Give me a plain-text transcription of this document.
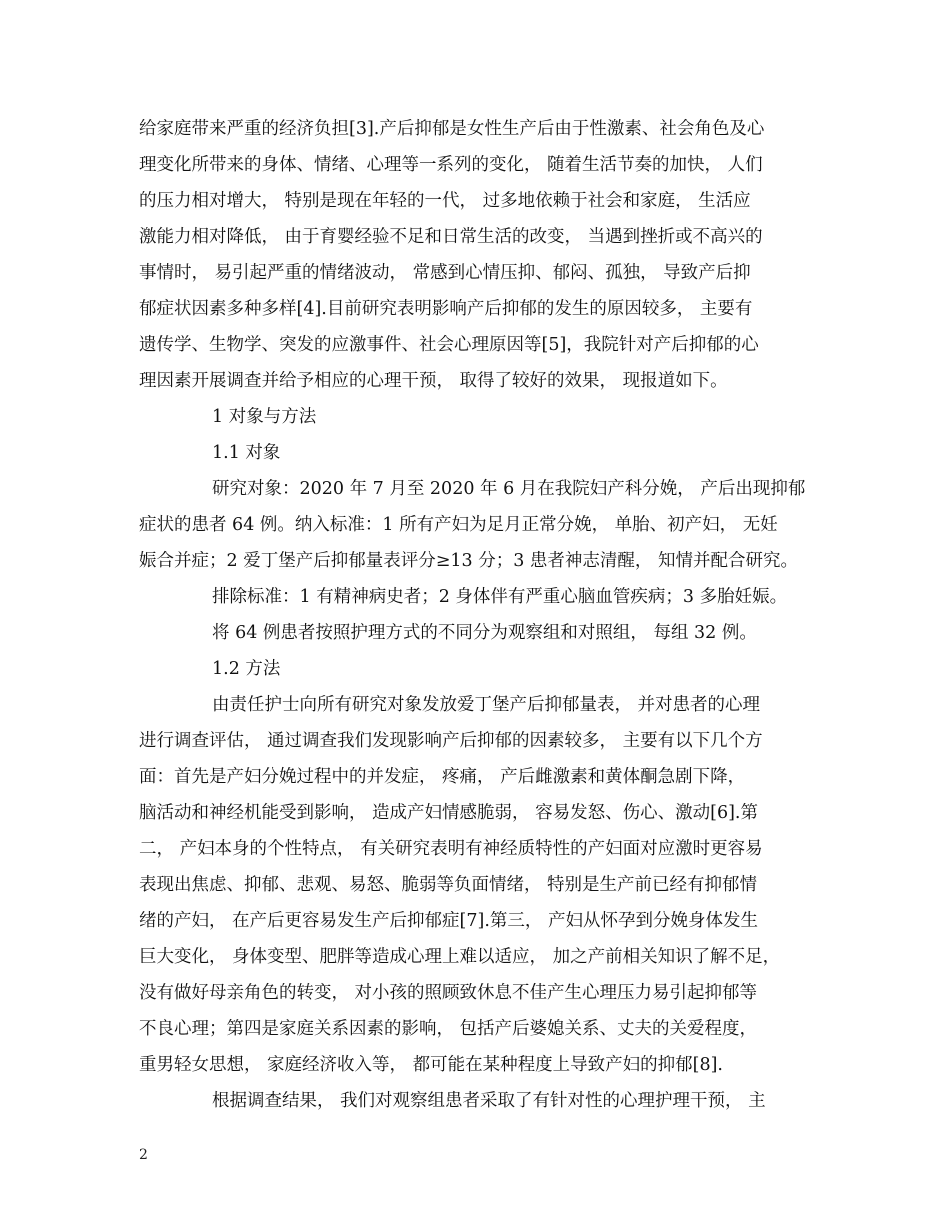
给家庭带来严重的经济负担[3].产后抑郁是女性生产后由于性激素、社会角色及心
理变化所带来的身体、情绪、心理等一系列的变化， 随着生活节奏的加快， 人们
的压力相对增大， 特别是现在年轻的一代， 过多地依赖于社会和家庭， 生活应
激能力相对降低， 由于育婴经验不足和日常生活的改变， 当遇到挫折或不高兴的
事情时， 易引起严重的情绪波动， 常感到心情压抑、郁闷、孤独， 导致产后抑
郁症状因素多种多样[4].目前研究表明影响产后抑郁的发生的原因较多， 主要有
遗传学、生物学、突发的应激事件、社会心理原因等[5]，我院针对产后抑郁的心
理因素开展调查并给予相应的心理干预， 取得了较好的效果， 现报道如下。
1 对象与方法
1.1 对象
研究对象：2020 年 7 月至 2020 年 6 月在我院妇产科分娩， 产后出现抑郁
症状的患者 64 例。纳入标准：1 所有产妇为足月正常分娩， 单胎、初产妇， 无妊
娠合并症；2 爱丁堡产后抑郁量表评分≥13 分；3 患者神志清醒， 知情并配合研究。
排除标准：1 有精神病史者；2 身体伴有严重心脑血管疾病；3 多胎妊娠。
将 64 例患者按照护理方式的不同分为观察组和对照组， 每组 32 例。
1.2 方法
由责任护士向所有研究对象发放爱丁堡产后抑郁量表， 并对患者的心理
进行调查评估， 通过调查我们发现影响产后抑郁的因素较多， 主要有以下几个方
面：首先是产妇分娩过程中的并发症， 疼痛， 产后雌激素和黄体酮急剧下降，
脑活动和神经机能受到影响， 造成产妇情感脆弱， 容易发怒、伤心、激动[6].第
二， 产妇本身的个性特点， 有关研究表明有神经质特性的产妇面对应激时更容易
表现出焦虑、抑郁、悲观、易怒、脆弱等负面情绪， 特别是生产前已经有抑郁情
绪的产妇， 在产后更容易发生产后抑郁症[7].第三， 产妇从怀孕到分娩身体发生
巨大变化， 身体变型、肥胖等造成心理上难以适应， 加之产前相关知识了解不足，
没有做好母亲角色的转变， 对小孩的照顾致休息不佳产生心理压力易引起抑郁等
不良心理；第四是家庭关系因素的影响， 包括产后婆媳关系、丈夫的关爱程度，
重男轻女思想， 家庭经济收入等， 都可能在某种程度上导致产妇的抑郁[8].
根据调查结果， 我们对观察组患者采取了有针对性的心理护理干预， 主
2
